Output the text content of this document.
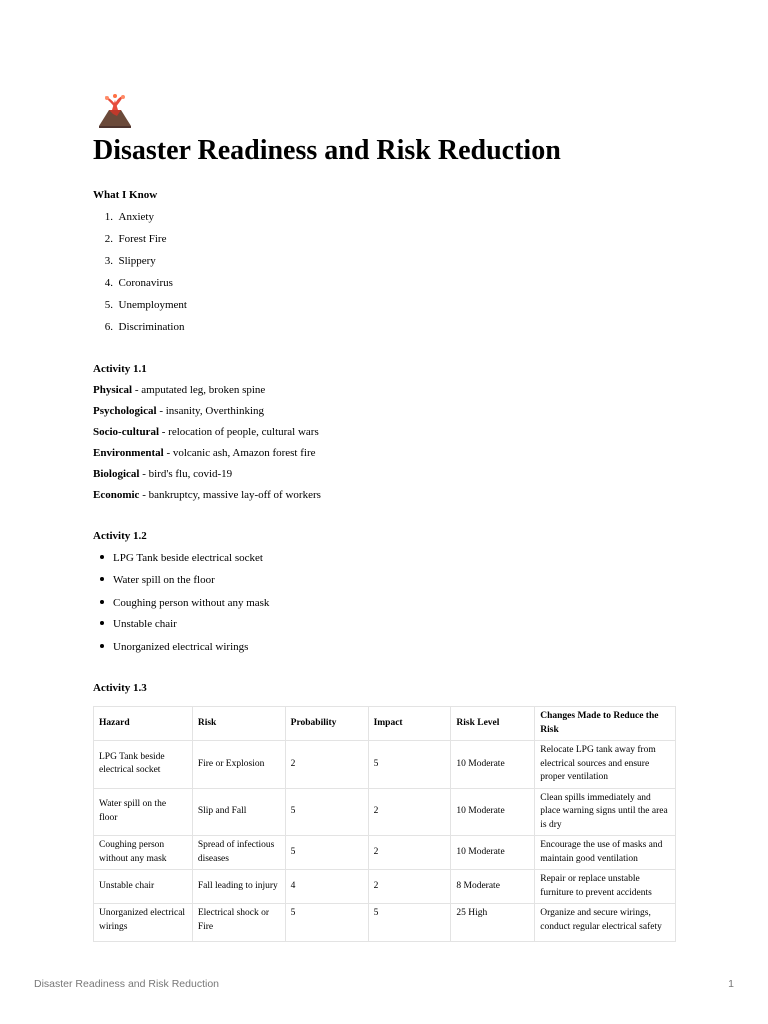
Disaster Readiness and Risk Reduction
What I Know
1. Anxiety
2. Forest Fire
3. Slippery
4. Coronavirus
5. Unemployment
6. Discrimination
Activity 1.1
Physical - amputated leg, broken spine
Psychological - insanity, Overthinking
Socio-cultural - relocation of people, cultural wars
Environmental - volcanic ash, Amazon forest fire
Biological - bird's flu, covid-19
Economic - bankruptcy, massive lay-off of workers
Activity 1.2
LPG Tank beside electrical socket
Water spill on the floor
Coughing person without any mask
Unstable chair
Unorganized electrical wirings
Activity 1.3
Hazard	Risk	Probability	Impact	Risk Level	Changes Made to Reduce the Risk
LPG Tank beside electrical socket	Fire or Explosion	2	5	10 Moderate	Relocate LPG tank away from electrical sources and ensure proper ventilation
Water spill on the floor	Slip and Fall	5	2	10 Moderate	Clean spills immediately and place warning signs until the area is dry
Coughing person without any mask	Spread of infectious diseases	5	2	10 Moderate	Encourage the use of masks and maintain good ventilation
Unstable chair	Fall leading to injury	4	2	8 Moderate	Repair or replace unstable furniture to prevent accidents
Unorganized electrical wirings	Electrical shock or Fire	5	5	25 High	Organize and secure wirings, conduct regular electrical safety
Disaster Readiness and Risk Reduction	1
